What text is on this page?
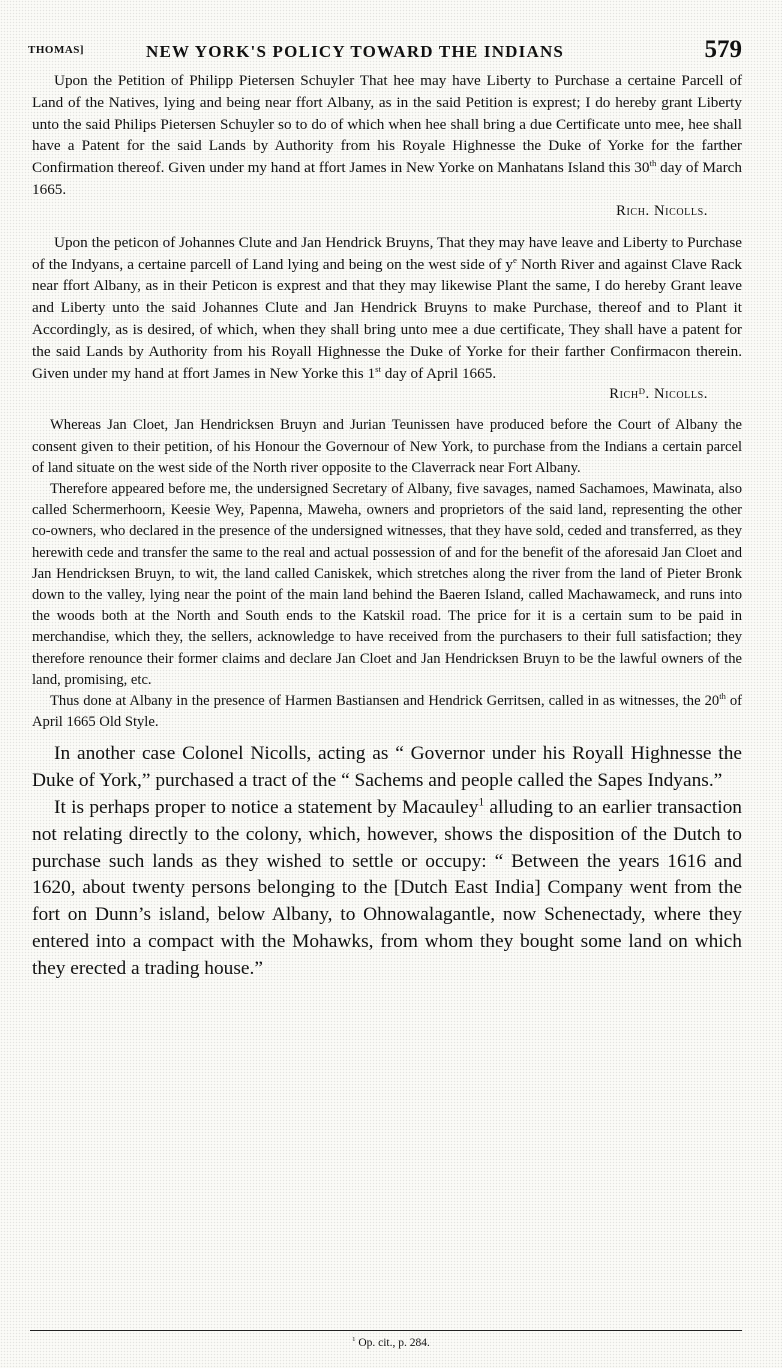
THOMAS]	NEW YORK'S POLICY TOWARD THE INDIANS	579

Upon the Petition of Philipp Pietersen Schuyler That hee may have Liberty to Purchase a certaine Parcell of Land of the Natives, lying and being near ffort Albany, as in the said Petition is exprest; I do hereby grant Liberty unto the said Philips Pietersen Schuyler so to do of which when hee shall bring a due Certificate unto mee, hee shall have a Patent for the said Lands by Authority from his Royale Highnesse the Duke of Yorke for the farther Confirmation thereof. Given under my hand at ffort James in New Yorke on Manhatans Island this 30th day of March 1665.

Rich. Nicolls.

Upon the peticon of Johannes Clute and Jan Hendrick Bruyns, That they may have leave and Liberty to Purchase of the Indyans, a certaine parcell of Land lying and being on the west side of $y^e$ North River and against Clave Rack near ffort Albany, as in their Peticon is exprest and that they may likewise Plant the same, I do hereby Grant leave and Liberty unto the said Johannes Clute and Jan Hendrick Bruyns to make Purchase, thereof and to Plant it Accordingly, as is desired, of which, when they shall bring unto mee a due certificate, They shall have a patent for the said Lands by Authority from his Royall Highnesse the Duke of Yorke for their farther Confirmacon therein. Given under my hand at ffort James in New Yorke this 1st day of April 1665.

Richᴰ. Nicolls.

Whereas Jan Cloet, Jan Hendricksen Bruyn and Jurian Teunissen have produced before the Court of Albany the consent given to their petition, of his Honour the Governour of New York, to purchase from the Indians a certain parcel of land situate on the west side of the North river opposite to the Claverrack near Fort Albany.

Therefore appeared before me, the undersigned Secretary of Albany, five savages, named Sachamoes, Mawinata, also called Schermerhoorn, Keesie Wey, Papenna, Maweha, owners and proprietors of the said land, representing the other co-owners, who declared in the presence of the undersigned witnesses, that they have sold, ceded and transferred, as they herewith cede and transfer the same to the real and actual possession of and for the benefit of the aforesaid Jan Cloet and Jan Hendricksen Bruyn, to wit, the land called Caniskek, which stretches along the river from the land of Pieter Bronk down to the valley, lying near the point of the main land behind the Baeren Island, called Machawameck, and runs into the woods both at the North and South ends to the Katskil road. The price for it is a certain sum to be paid in merchandise, which they, the sellers, acknowledge to have received from the purchasers to their full satisfaction; they therefore renounce their former claims and declare Jan Cloet and Jan Hendricksen Bruyn to be the lawful owners of the land, promising, etc.

Thus done at Albany in the presence of Harmen Bastiansen and Hendrick Gerritsen, called in as witnesses, the 20th of April 1665 Old Style.

In another case Colonel Nicolls, acting as “ Governor under his Royall Highnesse the Duke of York,” purchased a tract of the “ Sachems and people called the Sapes Indyans.”

It is perhaps proper to notice a statement by Macauley$^1$ alluding to an earlier transaction not relating directly to the colony, which, however, shows the disposition of the Dutch to purchase such lands as they wished to settle or occupy: “ Between the years 1616 and 1620, about twenty persons belonging to the [Dutch East India] Company went from the fort on Dunn’s island, below Albany, to Ohnowalagantle, now Schenectady, where they entered into a compact with the Mohawks, from whom they bought some land on which they erected a trading house.”

$^1$ Op. cit., p. 284.
